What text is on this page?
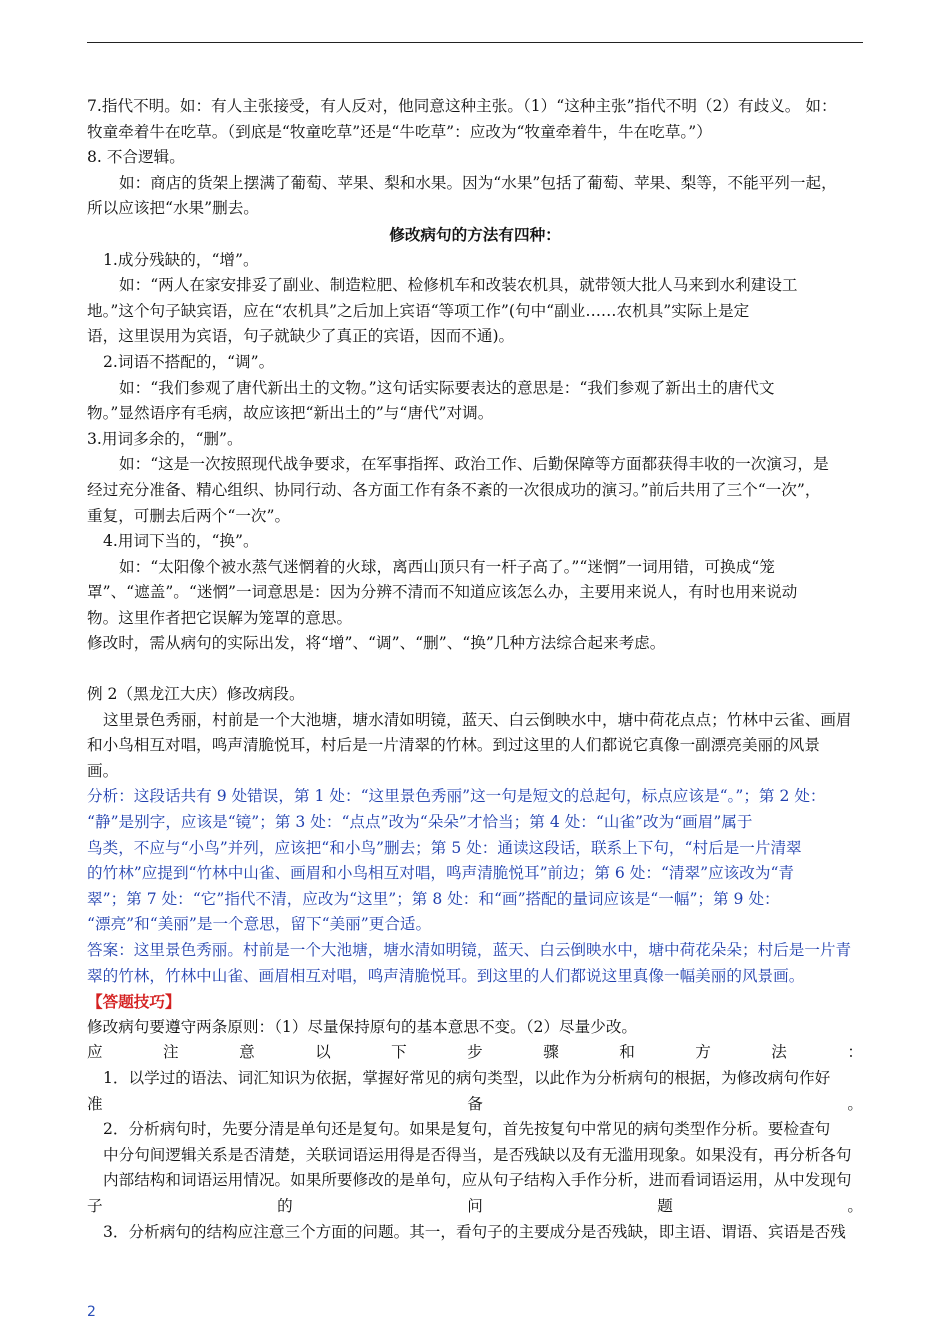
7.指代不明。如：有人主张接受，有人反对，他同意这种主张。（1）“这种主张”指代不明（2）有歧义。 如：

牧童牵着牛在吃草。（到底是“牧童吃草”还是“牛吃草”：应改为“牧童牵着牛，牛在吃草。”）

8. 不合逻辑。

如：商店的货架上摆满了葡萄、苹果、梨和水果。因为“水果”包括了葡萄、苹果、梨等，不能平列一起，

所以应该把“水果”删去。

修改病句的方法有四种：

1.成分残缺的，“增”。

如：“两人在家安排妥了副业、制造粒肥、检修机车和改装农机具，就带领大批人马来到水利建设工

地。”这个句子缺宾语，应在“农机具”之后加上宾语“等项工作”(句中“副业……农机具”实际上是定

语，这里误用为宾语，句子就缺少了真正的宾语，因而不通)。

2.词语不搭配的，“调”。

如：“我们参观了唐代新出土的文物。”这句话实际要表达的意思是：“我们参观了新出土的唐代文

物。”显然语序有毛病，故应该把“新出土的”与“唐代”对调。

3.用词多余的，“删”。

如：“这是一次按照现代战争要求，在军事指挥、政治工作、后勤保障等方面都获得丰收的一次演习，是

经过充分准备、精心组织、协同行动、各方面工作有条不紊的一次很成功的演习。”前后共用了三个“一次”，

重复，可删去后两个“一次”。

4.用词下当的，“换”。

如：“太阳像个被水蒸气迷惘着的火球，离西山顶只有一杆子高了。”“迷惘”一词用错，可换成“笼

罩”、“遮盖”。“迷惘”一词意思是：因为分辨不清而不知道应该怎么办，主要用来说人，有时也用来说动

物。这里作者把它误解为笼罩的意思。

修改时，需从病句的实际出发，将“增”、“调”、“删”、“换”几种方法综合起来考虑。

例 2（黑龙江大庆）修改病段。

这里景色秀丽，村前是一个大池塘，塘水清如明镜，蓝天、白云倒映水中，塘中荷花点点；竹林中云雀、画眉

和小鸟相互对唱，鸣声清脆悦耳，村后是一片清翠的竹林。到过这里的人们都说它真像一副漂亮美丽的风景

画。

分析：这段话共有 9 处错误，第 1 处：“这里景色秀丽”这一句是短文的总起句，标点应该是“。”；第 2 处：

“静”是别字，应该是“镜”；第 3 处：“点点”改为“朵朵”才恰当；第 4 处：“山雀”改为“画眉”属于

鸟类，不应与“小鸟”并列，应该把“和小鸟”删去；第 5 处：通读这段话，联系上下句，“村后是一片清翠

的竹林”应提到“竹林中山雀、画眉和小鸟相互对唱，鸣声清脆悦耳”前边；第 6 处：“清翠”应该改为“青

翠”；第 7 处：“它”指代不清，应改为“这里”；第 8 处：和“画”搭配的量词应该是“一幅”；第 9 处：

“漂亮”和“美丽”是一个意思，留下“美丽”更合适。

答案：这里景色秀丽。村前是一个大池塘，塘水清如明镜，蓝天、白云倒映水中，塘中荷花朵朵；村后是一片青

翠的竹林，竹林中山雀、画眉相互对唱，鸣声清脆悦耳。到这里的人们都说这里真像一幅美丽的风景画。

【答题技巧】

修改病句要遵守两条原则：（1）尽量保持原句的基本意思不变。（2）尽量少改。

应	注	意	以	下	步	骤	和	方	法	：

1．以学过的语法、词汇知识为依据，掌握好常见的病句类型，以此作为分析病句的根据，为修改病句作好

准	备	。

2．分析病句时，先要分清是单句还是复句。如果是复句，首先按复句中常见的病句类型作分析。要检查句

中分句间逻辑关系是否清楚，关联词语运用得是否得当，是否残缺以及有无滥用现象。如果没有，再分析各句

内部结构和词语运用情况。如果所要修改的是单句，应从句子结构入手作分析，进而看词语运用，从中发现句

子	的	问	题	。

3．分析病句的结构应注意三个方面的问题。其一，看句子的主要成分是否残缺，即主语、谓语、宾语是否残

2
